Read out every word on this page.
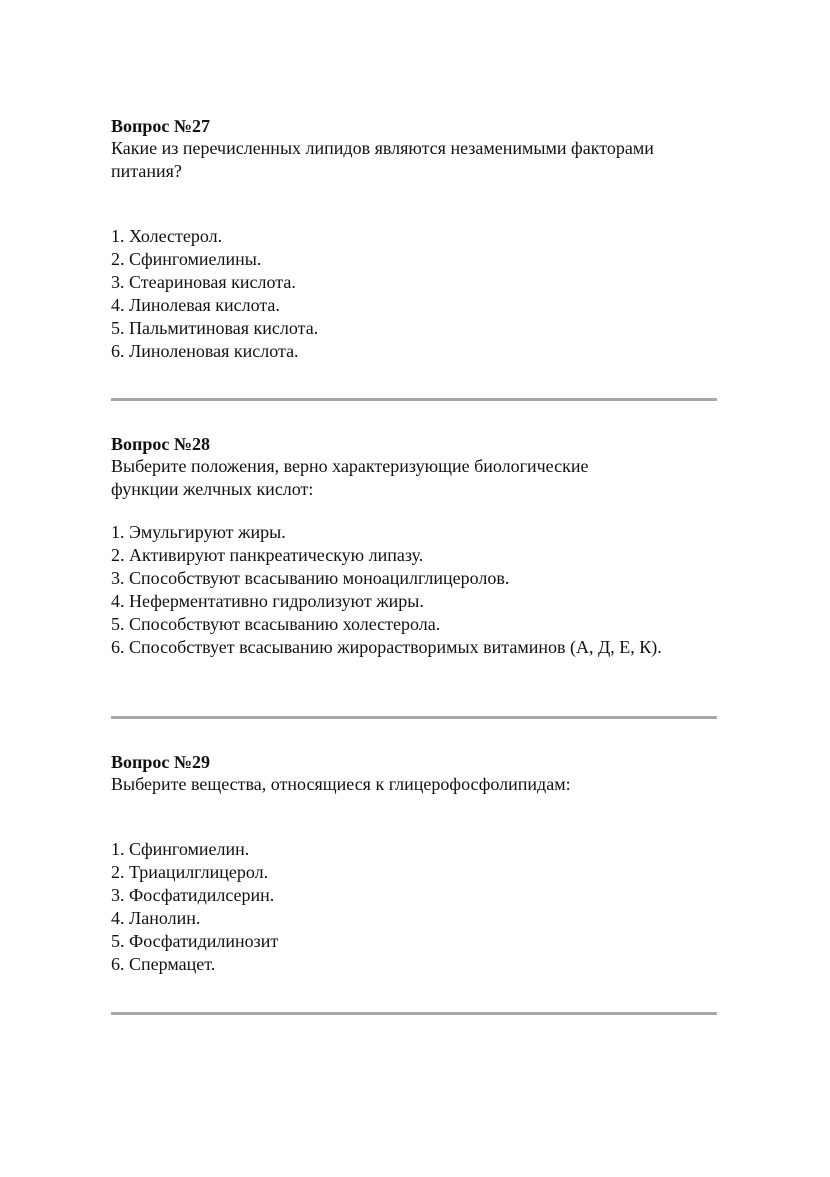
Вопрос №27

Какие из перечисленных липидов являются незаменимыми факторами питания?

1. Холестерол.
2. Сфингомиелины.
3. Стеариновая кислота.
4. Линолевая кислота.
5. Пальмитиновая кислота.
6. Линоленовая кислота.

Вопрос №28

Выберите положения, верно характеризующие биологические функции желчных кислот:

1. Эмульгируют жиры.
2. Активируют панкреатическую липазу.
3. Способствуют всасыванию моноацилглицеролов.
4. Неферментативно гидролизуют жиры.
5. Способствуют всасыванию холестерола.
6. Способствует всасыванию жирорастворимых витаминов (А, Д, Е, К).

Вопрос №29

Выберите вещества, относящиеся к глицерофосфолипидам:

1. Сфингомиелин.
2. Триацилглицерол.
3. Фосфатидилсерин.
4. Ланолин.
5. Фосфатидилинозит
6. Спермацет.
